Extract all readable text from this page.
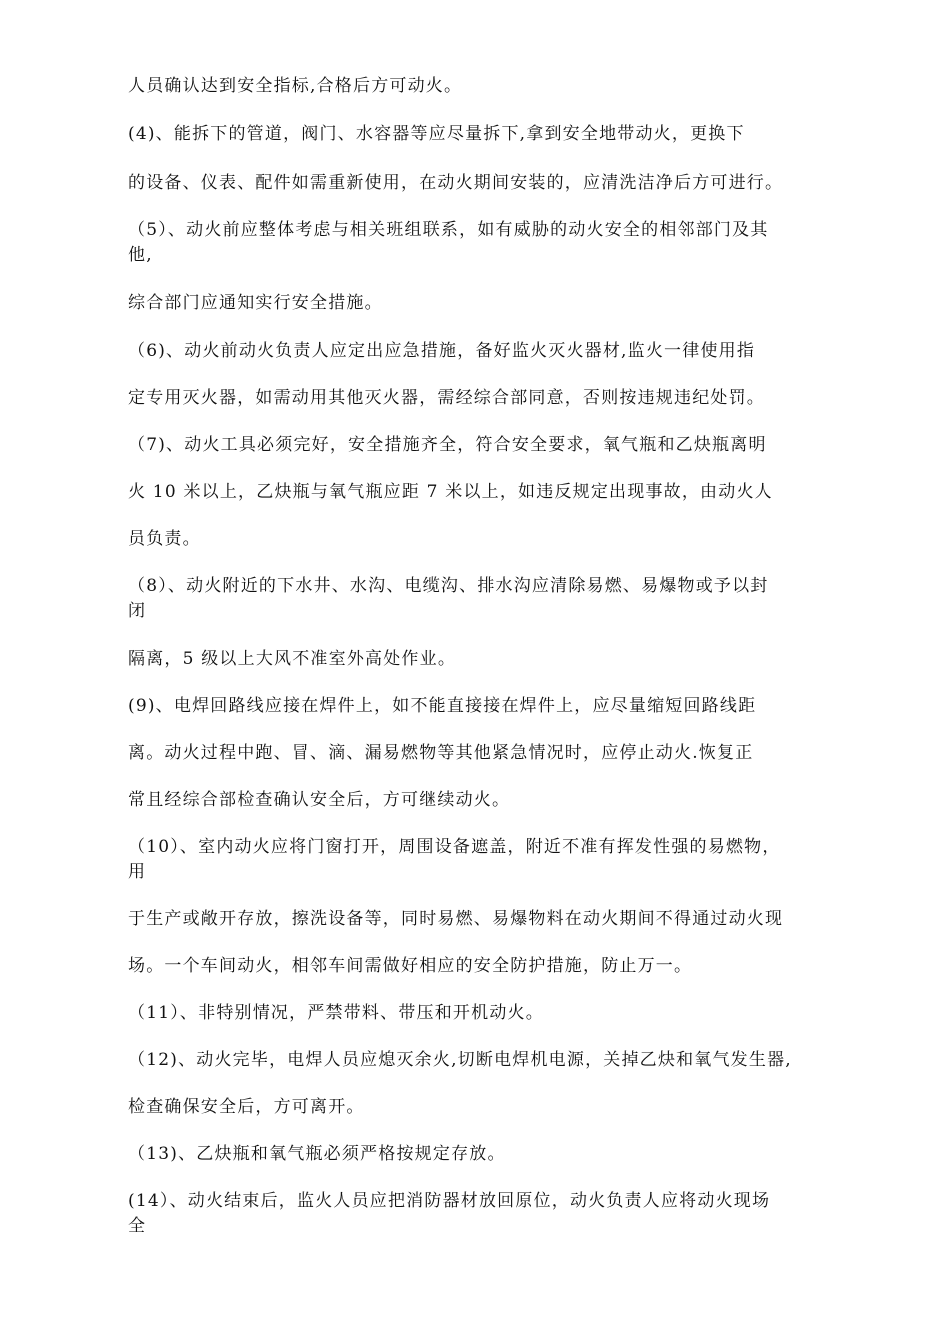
人员确认达到安全指标,合格后方可动火。
(4)、能拆下的管道，阀门、水容器等应尽量拆下,拿到安全地带动火，更换下
的设备、仪表、配件如需重新使用，在动火期间安装的，应清洗洁净后方可进行。
（5）、动火前应整体考虑与相关班组联系，如有威胁的动火安全的相邻部门及其
他,
综合部门应通知实行安全措施。
（6)、动火前动火负责人应定出应急措施，备好监火灭火器材,监火一律使用指
定专用灭火器，如需动用其他灭火器，需经综合部同意，否则按违规违纪处罚。
（7)、动火工具必须完好，安全措施齐全，符合安全要求，氧气瓶和乙炔瓶离明
火 10 米以上，乙炔瓶与氧气瓶应距 7 米以上，如违反规定出现事故，由动火人
员负责。
（8）、动火附近的下水井、水沟、电缆沟、排水沟应清除易燃、易爆物或予以封
闭
隔离，5 级以上大风不准室外高处作业。
(9)、电焊回路线应接在焊件上，如不能直接接在焊件上，应尽量缩短回路线距
离。动火过程中跑、冒、滴、漏易燃物等其他紧急情况时，应停止动火.恢复正
常且经综合部检查确认安全后，方可继续动火。
（10）、室内动火应将门窗打开，周围设备遮盖，附近不准有挥发性强的易燃物，
用
于生产或敞开存放，擦洗设备等，同时易燃、易爆物料在动火期间不得通过动火现
场。一个车间动火，相邻车间需做好相应的安全防护措施，防止万一。
（11）、非特别情况，严禁带料、带压和开机动火。
（12)、动火完毕，电焊人员应熄灭余火,切断电焊机电源，关掉乙炔和氧气发生器,
检查确保安全后，方可离开。
（13)、乙炔瓶和氧气瓶必须严格按规定存放。
(14）、动火结束后，监火人员应把消防器材放回原位，动火负责人应将动火现场
全
